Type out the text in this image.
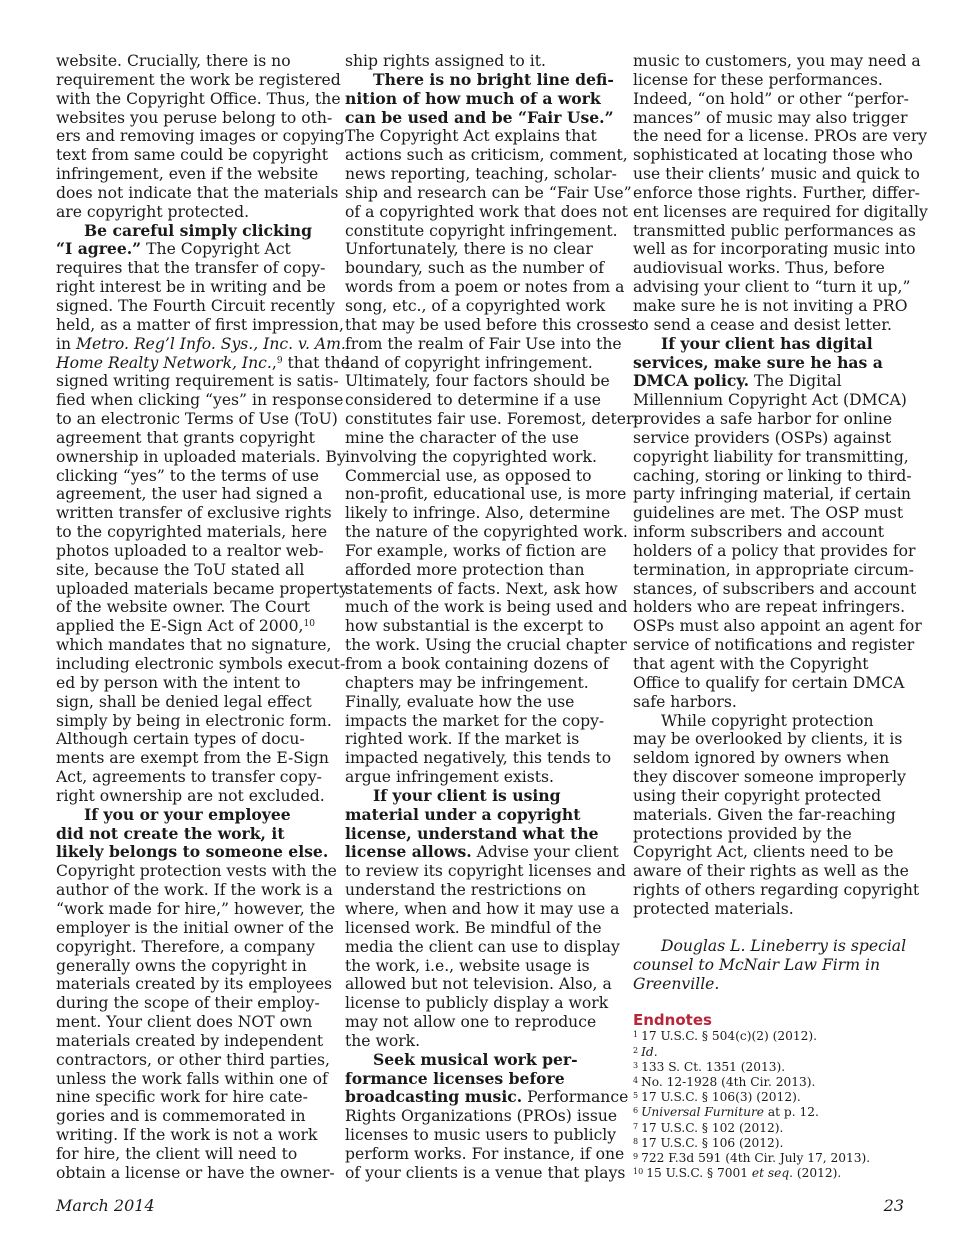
website. Crucially, there is no
requirement the work be registered
with the Copyright Office. Thus, the
websites you peruse belong to oth-
ers and removing images or copying
text from same could be copyright
infringement, even if the website
does not indicate that the materials
are copyright protected.
Be careful simply clicking
“I agree.” The Copyright Act
requires that the transfer of copy-
right interest be in writing and be
signed. The Fourth Circuit recently
held, as a matter of first impression,
in Metro. Reg’l Info. Sys., Inc. v. Am.
Home Realty Network, Inc.,$^9$ that the
signed writing requirement is satis-
fied when clicking “yes” in response
to an electronic Terms of Use (ToU)
agreement that grants copyright
ownership in uploaded materials. By
clicking “yes” to the terms of use
agreement, the user had signed a
written transfer of exclusive rights
to the copyrighted materials, here
photos uploaded to a realtor web-
site, because the ToU stated all
uploaded materials became property
of the website owner. The Court
applied the E-Sign Act of 2000,10
which mandates that no signature,
including electronic symbols execut-
ed by person with the intent to
sign, shall be denied legal effect
simply by being in electronic form.
Although certain types of docu-
ments are exempt from the E-Sign
Act, agreements to transfer copy-
right ownership are not excluded.
If you or your employee
did not create the work, it
likely belongs to someone else.
Copyright protection vests with the
author of the work. If the work is a
“work made for hire,” however, the
employer is the initial owner of the
copyright. Therefore, a company
generally owns the copyright in
materials created by its employees
during the scope of their employ-
ment. Your client does NOT own
materials created by independent
contractors, or other third parties,
unless the work falls within one of
nine specific work for hire cate-
gories and is commemorated in
writing. If the work is not a work
for hire, the client will need to
obtain a license or have the owner-
ship rights assigned to it.
There is no bright line defi-
nition of how much of a work
can be used and be “Fair Use.”
The Copyright Act explains that
actions such as criticism, comment,
news reporting, teaching, scholar-
ship and research can be “Fair Use”
of a copyrighted work that does not
constitute copyright infringement.
Unfortunately, there is no clear
boundary, such as the number of
words from a poem or notes from a
song, etc., of a copyrighted work
that may be used before this crosses
from the realm of Fair Use into the
land of copyright infringement.
Ultimately, four factors should be
considered to determine if a use
constitutes fair use. Foremost, deter-
mine the character of the use
involving the copyrighted work.
Commercial use, as opposed to
non-profit, educational use, is more
likely to infringe. Also, determine
the nature of the copyrighted work.
For example, works of fiction are
afforded more protection than
statements of facts. Next, ask how
much of the work is being used and
how substantial is the excerpt to
the work. Using the crucial chapter
from a book containing dozens of
chapters may be infringement.
Finally, evaluate how the use
impacts the market for the copy-
righted work. If the market is
impacted negatively, this tends to
argue infringement exists.
If your client is using
material under a copyright
license, understand what the
license allows. Advise your client
to review its copyright licenses and
understand the restrictions on
where, when and how it may use a
licensed work. Be mindful of the
media the client can use to display
the work, i.e., website usage is
allowed but not television. Also, a
license to publicly display a work
may not allow one to reproduce
the work.
Seek musical work per-
formance licenses before
broadcasting music. Performance
Rights Organizations (PROs) issue
licenses to music users to publicly
perform works. For instance, if one
of your clients is a venue that plays
music to customers, you may need a
license for these performances.
Indeed, “on hold” or other “perfor-
mances” of music may also trigger
the need for a license. PROs are very
sophisticated at locating those who
use their clients’ music and quick to
enforce those rights. Further, differ-
ent licenses are required for digitally
transmitted public performances as
well as for incorporating music into
audiovisual works. Thus, before
advising your client to “turn it up,”
make sure he is not inviting a PRO
to send a cease and desist letter.
If your client has digital
services, make sure he has a
DMCA policy. The Digital
Millennium Copyright Act (DMCA)
provides a safe harbor for online
service providers (OSPs) against
copyright liability for transmitting,
caching, storing or linking to third-
party infringing material, if certain
guidelines are met. The OSP must
inform subscribers and account
holders of a policy that provides for
termination, in appropriate circum-
stances, of subscribers and account
holders who are repeat infringers.
OSPs must also appoint an agent for
service of notifications and register
that agent with the Copyright
Office to qualify for certain DMCA
safe harbors.
While copyright protection
may be overlooked by clients, it is
seldom ignored by owners when
they discover someone improperly
using their copyright protected
materials. Given the far-reaching
protections provided by the
Copyright Act, clients need to be
aware of their rights as well as the
rights of others regarding copyright
protected materials.
Douglas L. Lineberry is special
counsel to McNair Law Firm in
Greenville.
Endnotes
$^1$ 17 U.S.C. § 504(c)(2) (2012).
$^2$ Id.
$^3$ 133 S. Ct. 1351 (2013).
$^4$ No. 12-1928 (4th Cir. 2013).
$^5$ 17 U.S.C. § 106(3) (2012).
$^6$ Universal Furniture at p. 12.
$^7$ 17 U.S.C. § 102 (2012).
$^8$ 17 U.S.C. § 106 (2012).
$^9$ 722 F.3d 591 (4th Cir. July 17, 2013).
$^{10}$ 15 U.S.C. § 7001 et seq. (2012).
March 2014	23
